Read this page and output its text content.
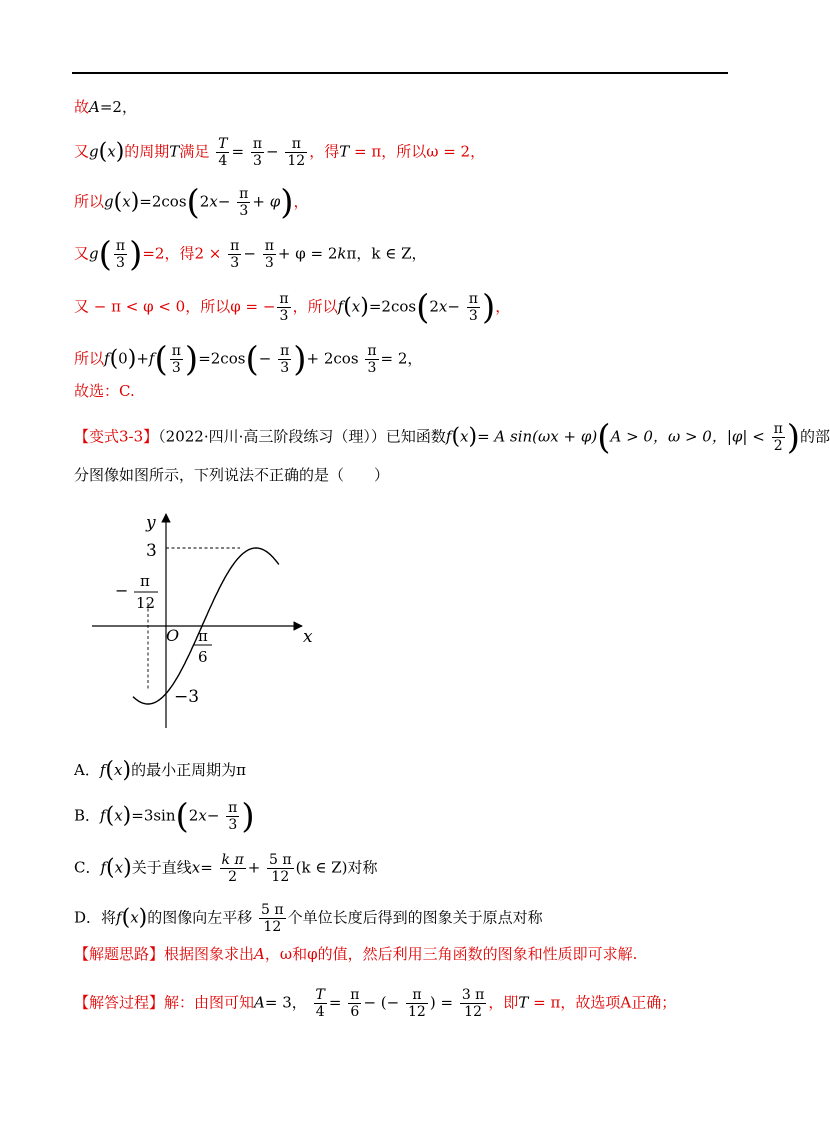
故A=2，
又g(x)的周期T满足 $\frac{T}{4} = \frac{\pi}{3} - \frac{\pi}{12}$ ，得T = π，所以ω = 2，
所以$g(x)=2\cos(2x- \frac{\pi}{3} + \varphi)$，
又$g( \frac{\pi}{3} )=2$，得$2 \times \frac{\pi}{3} - \frac{\pi}{3} + \varphi = 2k\pi$，k ∈ Z，
又 − π < φ < 0，所以φ = − $\frac{\pi}{3}$ ，所以$f(x)=2\cos(2x- \frac{\pi}{3}$ )，
所以$f(0)+f( \frac{\pi}{3} )=2\cos(- \frac{\pi}{3}$ )+ $2\cos \frac{\pi}{3} = 2$，
故选：C.
【变式3-3】（2022·四川·高三阶段练习（理））已知函数f(x)= A sin(ωx + φ)(A > 0，ω > 0，$|\varphi| < \frac{\pi}{2}$ )的部
分图像如图所示，下列说法不正确的是（　　）
y
x
O
3
−3
− π
12
π
6
A．f(x)的最小正周期为π
B．$f(x)=3\sin(2x- \frac{\pi}{3}$ )
C．f(x)关于直线$x= \frac{\text{k π}}{2} + \frac{5 \pi}{12} (k$ ∈ Z)对称
D．将f(x)的图像向左平移 $\frac{5 \pi}{12}$ 个单位长度后得到的图象关于原点对称
【解题思路】根据图象求出A，ω和φ的值，然后利用三角函数的图象和性质即可求解.
【解答过程】解：由图可知A= 3， $\frac{T}{4} = \frac{\pi}{6}$ − (− $\frac{\pi}{12}$ ) = $\frac{3 \pi}{12}$ ，即T = π，故选项A正确；
